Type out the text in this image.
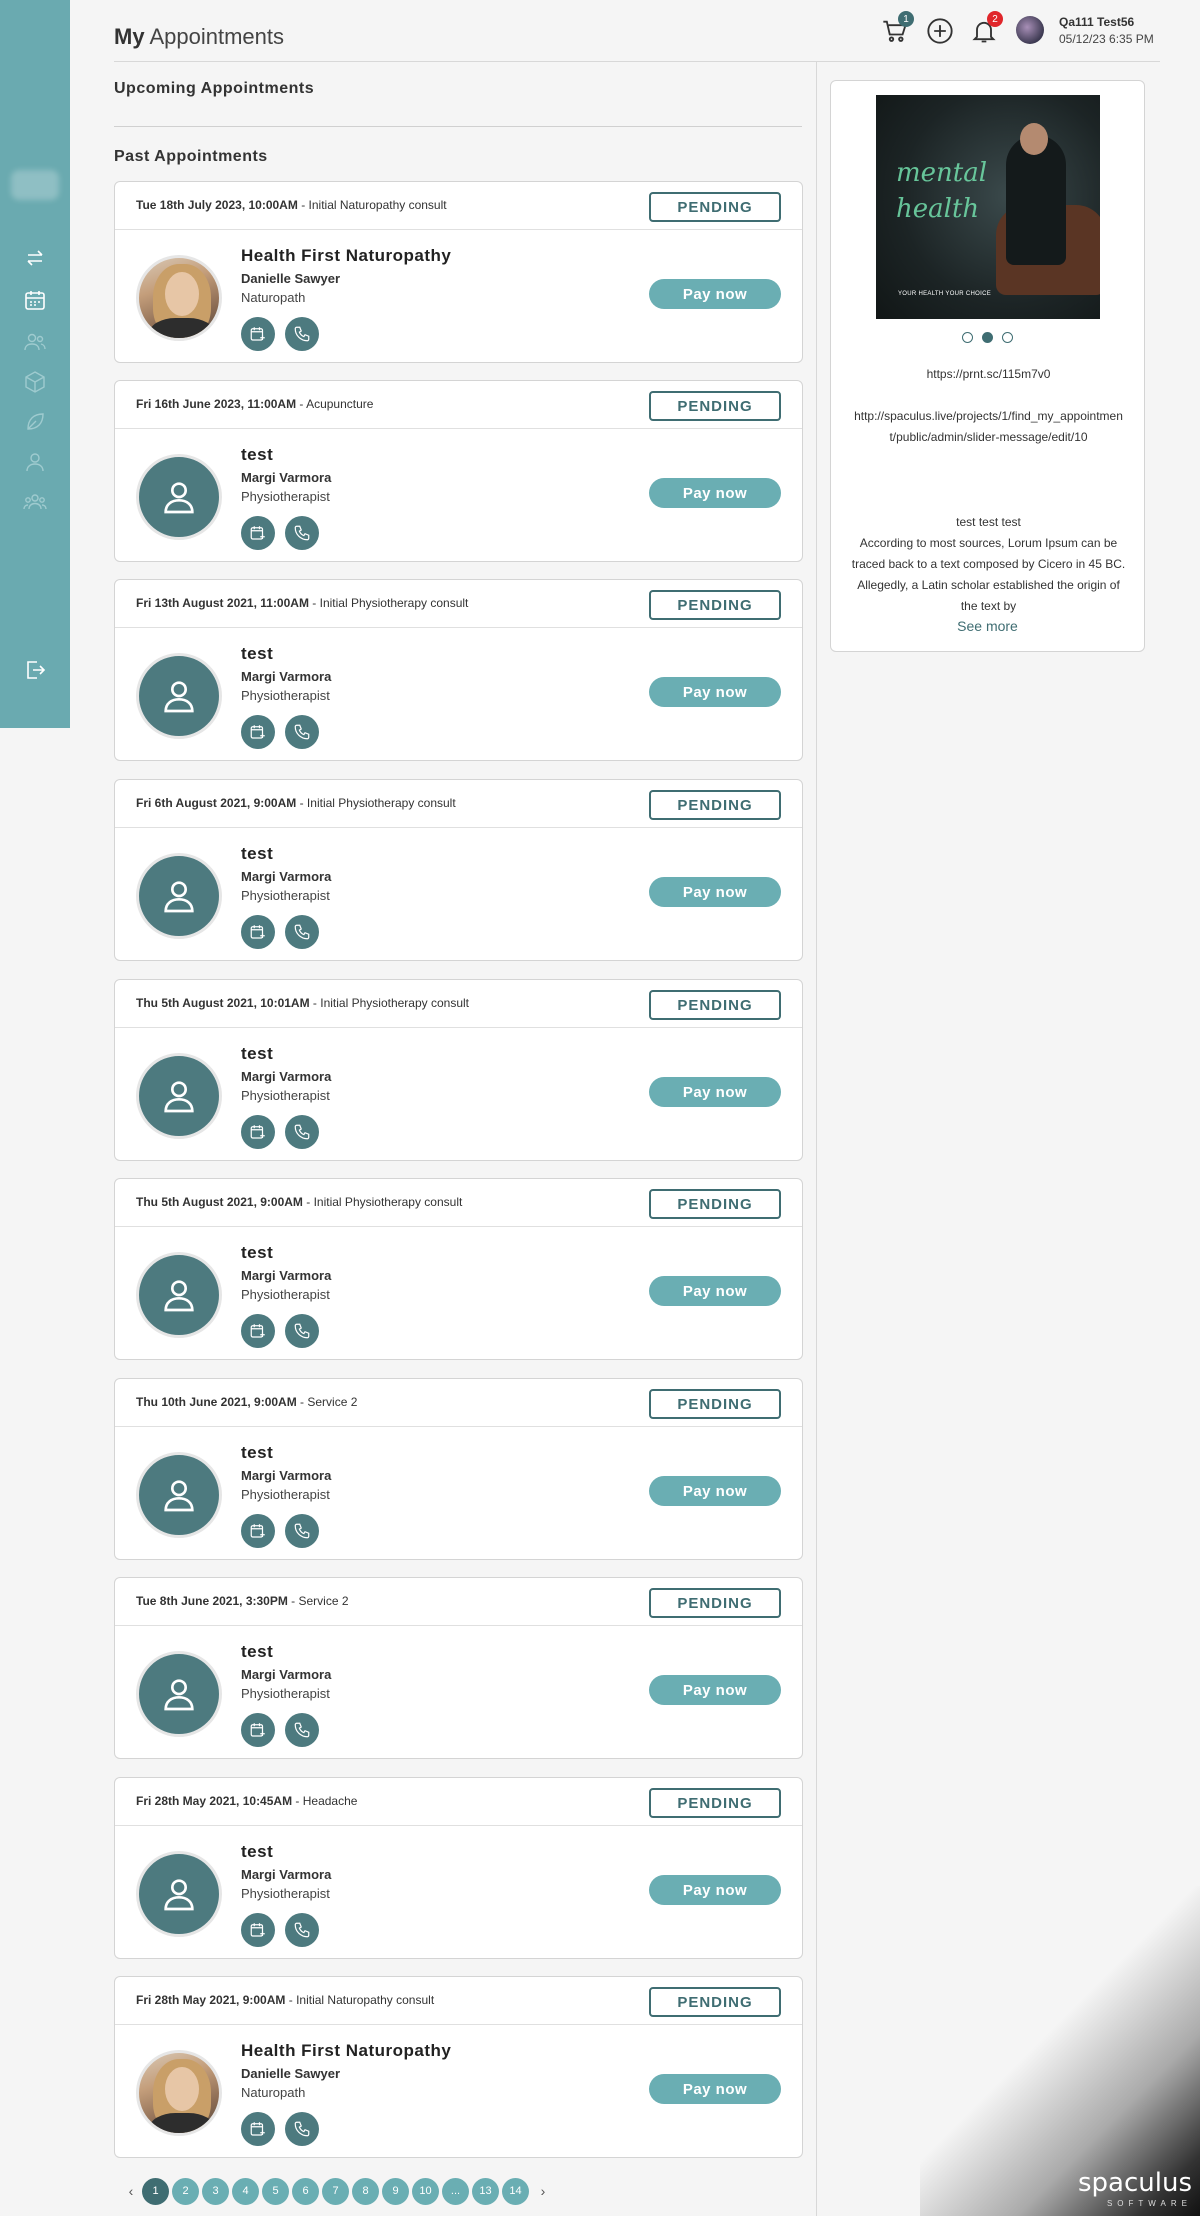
My Appointments
1	2	Qa111 Test56
05/12/23 6:35 PM
Upcoming Appointments
Past Appointments
Tue 18th July 2023, 10:00AM - Initial Naturopathy consult	PENDING
Health First Naturopathy
Danielle Sawyer
Naturopath	Pay now
Fri 16th June 2023, 11:00AM - Acupuncture	PENDING
test
Margi Varmora
Physiotherapist	Pay now
Fri 13th August 2021, 11:00AM - Initial Physiotherapy consult	PENDING
test
Margi Varmora
Physiotherapist	Pay now
Fri 6th August 2021, 9:00AM - Initial Physiotherapy consult	PENDING
test
Margi Varmora
Physiotherapist	Pay now
Thu 5th August 2021, 10:01AM - Initial Physiotherapy consult	PENDING
test
Margi Varmora
Physiotherapist	Pay now
Thu 5th August 2021, 9:00AM - Initial Physiotherapy consult	PENDING
test
Margi Varmora
Physiotherapist	Pay now
Thu 10th June 2021, 9:00AM - Service 2	PENDING
test
Margi Varmora
Physiotherapist	Pay now
Tue 8th June 2021, 3:30PM - Service 2	PENDING
test
Margi Varmora
Physiotherapist	Pay now
Fri 28th May 2021, 10:45AM - Headache	PENDING
test
Margi Varmora
Physiotherapist	Pay now
Fri 28th May 2021, 9:00AM - Initial Naturopathy consult	PENDING
Health First Naturopathy
Danielle Sawyer
Naturopath	Pay now
‹	1	2	3	4	5	6	7	8	9	10	...	13	14	›
mental
health
YOUR HEALTH YOUR CHOICE
https://prnt.sc/115m7v0
http://spaculus.live/projects/1/find_my_appointment/public/admin/slider-message/edit/10
test test test
According to most sources, Lorum Ipsum can be traced back to a text composed by Cicero in 45 BC. Allegedly, a Latin scholar established the origin of the text by
See more
spaculus
SOFTWARE
